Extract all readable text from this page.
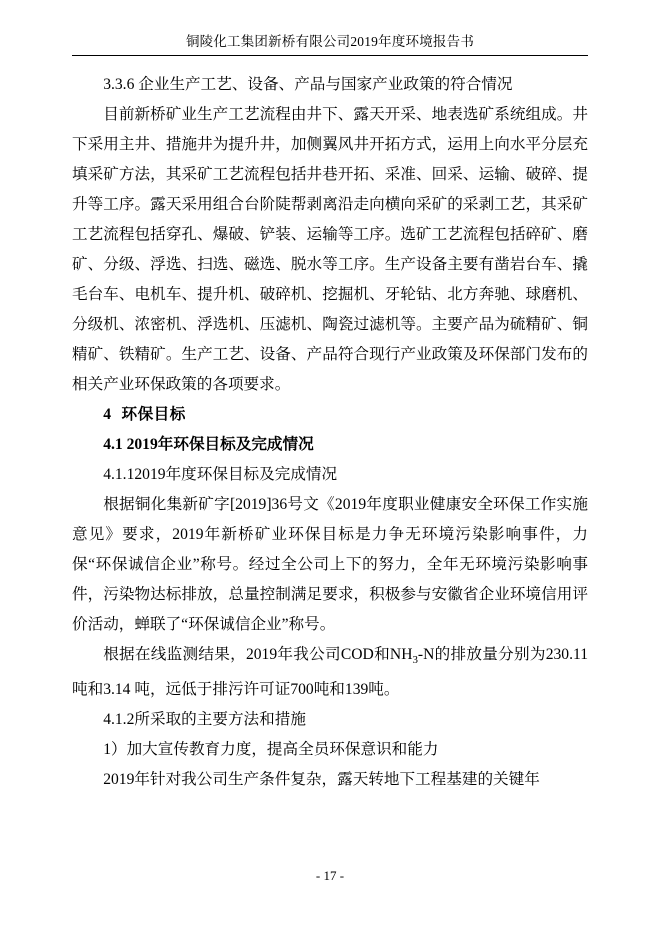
铜陵化工集团新桥有限公司2019年度环境报告书

3.3.6 企业生产工艺、设备、产品与国家产业政策的符合情况

目前新桥矿业生产工艺流程由井下、露天开采、地表选矿系统组成。井下采用主井、措施井为提升井，加侧翼风井开拓方式，运用上向水平分层充填采矿方法，其采矿工艺流程包括井巷开拓、采准、回采、运输、破碎、提升等工序。露天采用组合台阶陡帮剥离沿走向横向采矿的采剥工艺，其采矿工艺流程包括穿孔、爆破、铲装、运输等工序。选矿工艺流程包括碎矿、磨矿、分级、浮选、扫选、磁选、脱水等工序。生产设备主要有凿岩台车、撬毛台车、电机车、提升机、破碎机、挖掘机、牙轮钻、北方奔驰、球磨机、分级机、浓密机、浮选机、压滤机、陶瓷过滤机等。主要产品为硫精矿、铜精矿、铁精矿。生产工艺、设备、产品符合现行产业政策及环保部门发布的相关产业环保政策的各项要求。

4 环保目标

4.1 2019年环保目标及完成情况

4.1.12019年度环保目标及完成情况

根据铜化集新矿字[2019]36号文《2019年度职业健康安全环保工作实施意见》要求，2019年新桥矿业环保目标是力争无环境污染影响事件，力保“环保诚信企业”称号。经过全公司上下的努力，全年无环境污染影响事件，污染物达标排放，总量控制满足要求，积极参与安徽省企业环境信用评价活动，蝉联了“环保诚信企业”称号。

根据在线监测结果，2019年我公司COD和$NH_3-N$的排放量分别为230.11 吨和3.14 吨，远低于排污许可证700吨和139吨。

4.1.2所采取的主要方法和措施

1）加大宣传教育力度，提高全员环保意识和能力

2019年针对我公司生产条件复杂，露天转地下工程基建的关键年

- 17 -
